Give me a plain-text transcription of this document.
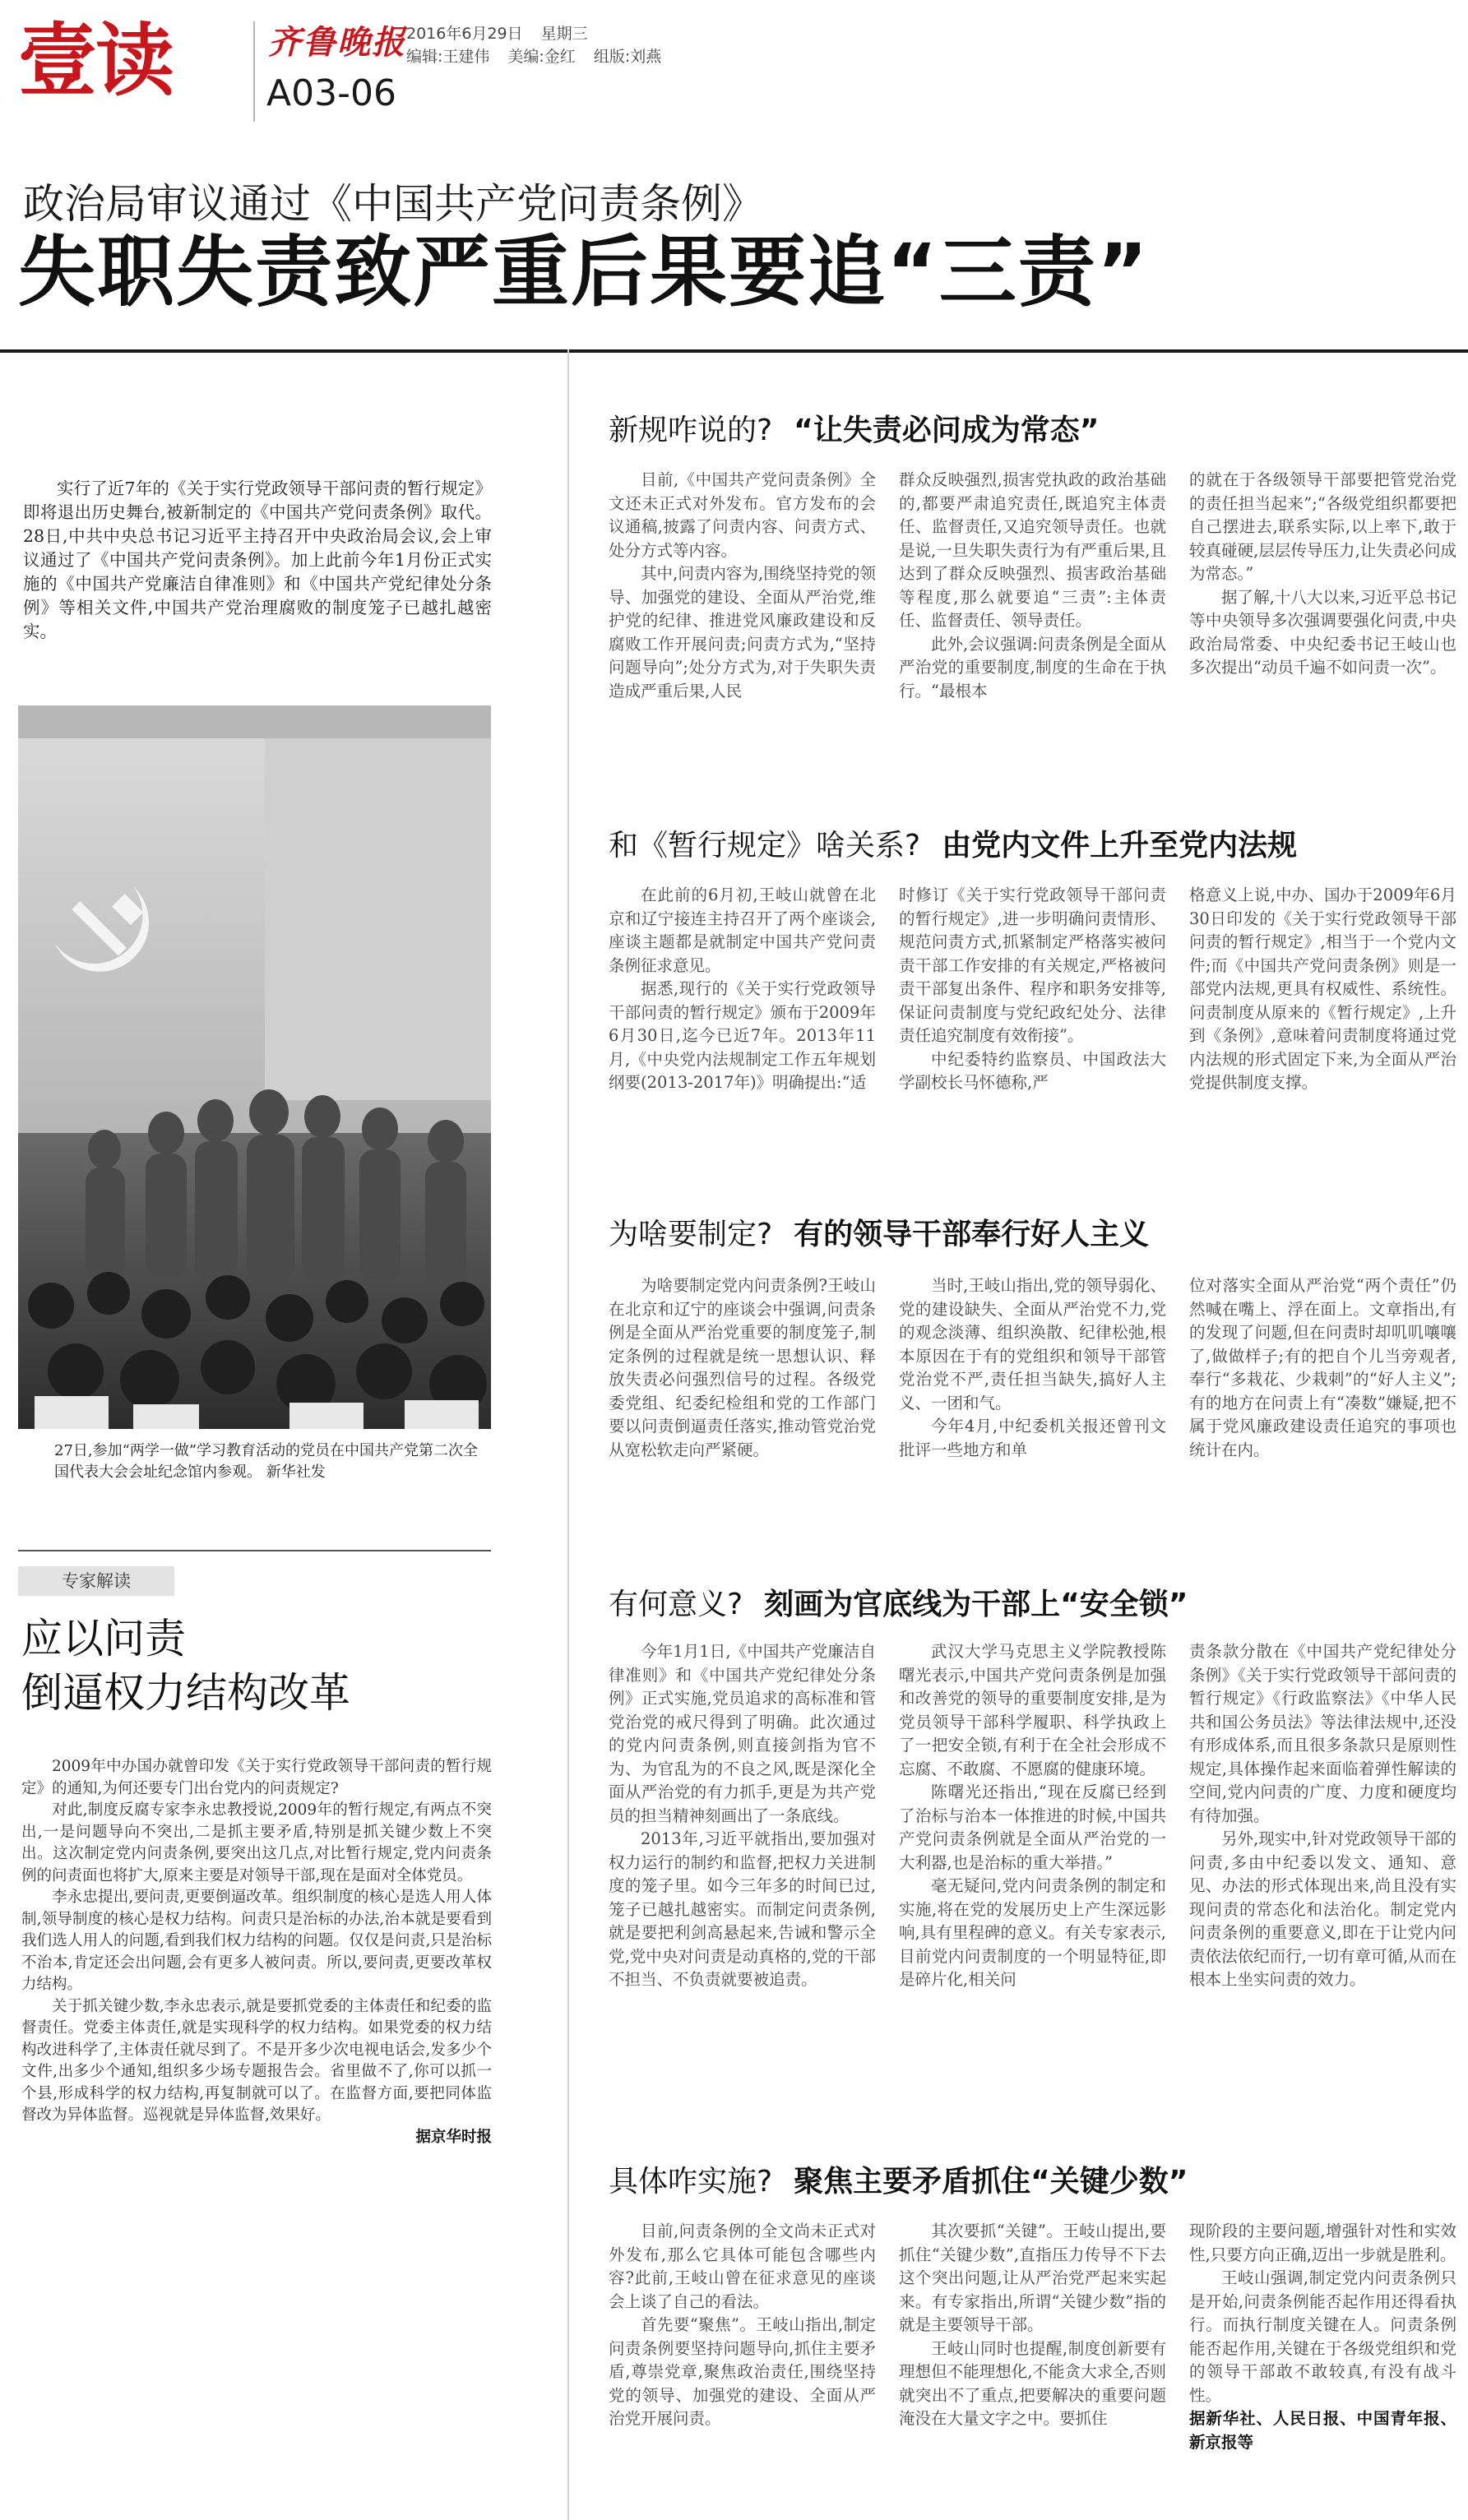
壹读	齐鲁晚报
A03-06
2016年6月29日 星期三
编辑:王建伟 美编:金红 组版:刘燕
政治局审议通过《中国共产党问责条例》
失职失责致严重后果要追“三责”
实行了近7年的《关于实行党政领导干部问责的暂行规定》即将退出历史舞台,被新制定的《中国共产党问责条例》取代。28日,中共中央总书记习近平主持召开中央政治局会议,会上审议通过了《中国共产党问责条例》。加上此前今年1月份正式实施的《中国共产党廉洁自律准则》和《中国共产党纪律处分条例》等相关文件,中国共产党治理腐败的制度笼子已越扎越密实。
27日,参加“两学一做”学习教育活动的党员在中国共产党第二次全国代表大会会址纪念馆内参观。 新华社发
专家解读
应以问责
倒逼权力结构改革

2009年中办国办就曾印发《关于实行党政领导干部问责的暂行规定》的通知,为何还要专门出台党内的问责规定?

对此,制度反腐专家李永忠教授说,2009年的暂行规定,有两点不突出,一是问题导向不突出,二是抓主要矛盾,特别是抓关键少数上不突出。这次制定党内问责条例,要突出这几点,对比暂行规定,党内问责条例的问责面也将扩大,原来主要是对领导干部,现在是面对全体党员。

李永忠提出,要问责,更要倒逼改革。组织制度的核心是选人用人体制,领导制度的核心是权力结构。问责只是治标的办法,治本就是要看到我们选人用人的问题,看到我们权力结构的问题。仅仅是问责,只是治标不治本,肯定还会出问题,会有更多人被问责。所以,要问责,更要改革权力结构。

关于抓关键少数,李永忠表示,就是要抓党委的主体责任和纪委的监督责任。党委主体责任,就是实现科学的权力结构。如果党委的权力结构改进科学了,主体责任就尽到了。不是开多少次电视电话会,发多少个文件,出多少个通知,组织多少场专题报告会。省里做不了,你可以抓一个县,形成科学的权力结构,再复制就可以了。在监督方面,要把同体监督改为异体监督。巡视就是异体监督,效果好。

据京华时报

新规咋说的? “让失责必问成为常态”

目前,《中国共产党问责条例》全文还未正式对外发布。官方发布的会议通稿,披露了问责内容、问责方式、处分方式等内容。

其中,问责内容为,围绕坚持党的领导、加强党的建设、全面从严治党,维护党的纪律、推进党风廉政建设和反腐败工作开展问责;问责方式为,“坚持问题导向”;处分方式为,对于失职失责造成严重后果,人民

群众反映强烈,损害党执政的政治基础的,都要严肃追究责任,既追究主体责任、监督责任,又追究领导责任。也就是说,一旦失职失责行为有严重后果,且达到了群众反映强烈、损害政治基础等程度,那么就要追“三责”:主体责任、监督责任、领导责任。

此外,会议强调:问责条例是全面从严治党的重要制度,制度的生命在于执行。“最根本

的就在于各级领导干部要把管党治党的责任担当起来”;“各级党组织都要把自己摆进去,联系实际,以上率下,敢于较真碰硬,层层传导压力,让失责必问成为常态。”

据了解,十八大以来,习近平总书记等中央领导多次强调要强化问责,中央政治局常委、中央纪委书记王岐山也多次提出“动员千遍不如问责一次”。

和《暂行规定》啥关系? 由党内文件上升至党内法规

在此前的6月初,王岐山就曾在北京和辽宁接连主持召开了两个座谈会,座谈主题都是就制定中国共产党问责条例征求意见。

据悉,现行的《关于实行党政领导干部问责的暂行规定》颁布于2009年6月30日,迄今已近7年。2013年11月,《中央党内法规制定工作五年规划纲要(2013-2017年)》明确提出:“适

时修订《关于实行党政领导干部问责的暂行规定》,进一步明确问责情形、规范问责方式,抓紧制定严格落实被问责干部工作安排的有关规定,严格被问责干部复出条件、程序和职务安排等,保证问责制度与党纪政纪处分、法律责任追究制度有效衔接”。

中纪委特约监察员、中国政法大学副校长马怀德称,严

格意义上说,中办、国办于2009年6月30日印发的《关于实行党政领导干部问责的暂行规定》,相当于一个党内文件;而《中国共产党问责条例》则是一部党内法规,更具有权威性、系统性。问责制度从原来的《暂行规定》,上升到《条例》,意味着问责制度将通过党内法规的形式固定下来,为全面从严治党提供制度支撑。

为啥要制定? 有的领导干部奉行好人主义

为啥要制定党内问责条例?王岐山在北京和辽宁的座谈会中强调,问责条例是全面从严治党重要的制度笼子,制定条例的过程就是统一思想认识、释放失责必问强烈信号的过程。各级党委党组、纪委纪检组和党的工作部门要以问责倒逼责任落实,推动管党治党从宽松软走向严紧硬。

当时,王岐山指出,党的领导弱化、党的建设缺失、全面从严治党不力,党的观念淡薄、组织涣散、纪律松弛,根本原因在于有的党组织和领导干部管党治党不严,责任担当缺失,搞好人主义、一团和气。

今年4月,中纪委机关报还曾刊文批评一些地方和单

位对落实全面从严治党“两个责任”仍然喊在嘴上、浮在面上。文章指出,有的发现了问题,但在问责时却叽叽嚷嚷了,做做样子;有的把自个儿当旁观者,奉行“多栽花、少栽刺”的“好人主义”;有的地方在问责上有“凑数”嫌疑,把不属于党风廉政建设责任追究的事项也统计在内。

有何意义? 刻画为官底线为干部上“安全锁”

今年1月1日,《中国共产党廉洁自律准则》和《中国共产党纪律处分条例》正式实施,党员追求的高标准和管党治党的戒尺得到了明确。此次通过的党内问责条例,则直接剑指为官不为、为官乱为的不良之风,既是深化全面从严治党的有力抓手,更是为共产党员的担当精神刻画出了一条底线。

2013年,习近平就指出,要加强对权力运行的制约和监督,把权力关进制度的笼子里。如今三年多的时间已过,笼子已越扎越密实。而制定问责条例,就是要把利剑高悬起来,告诫和警示全党,党中央对问责是动真格的,党的干部不担当、不负责就要被追责。

武汉大学马克思主义学院教授陈曙光表示,中国共产党问责条例是加强和改善党的领导的重要制度安排,是为党员领导干部科学履职、科学执政上了一把安全锁,有利于在全社会形成不忘腐、不敢腐、不愿腐的健康环境。

陈曙光还指出,“现在反腐已经到了治标与治本一体推进的时候,中国共产党问责条例就是全面从严治党的一大利器,也是治标的重大举措。”

毫无疑问,党内问责条例的制定和实施,将在党的发展历史上产生深远影响,具有里程碑的意义。有关专家表示,目前党内问责制度的一个明显特征,即是碎片化,相关问

责条款分散在《中国共产党纪律处分条例》《关于实行党政领导干部问责的暂行规定》《行政监察法》《中华人民共和国公务员法》等法律法规中,还没有形成体系,而且很多条款只是原则性规定,具体操作起来面临着弹性解读的空间,党内问责的广度、力度和硬度均有待加强。

另外,现实中,针对党政领导干部的问责,多由中纪委以发文、通知、意见、办法的形式体现出来,尚且没有实现问责的常态化和法治化。制定党内问责条例的重要意义,即在于让党内问责依法依纪而行,一切有章可循,从而在根本上坐实问责的效力。

具体咋实施? 聚焦主要矛盾抓住“关键少数”

目前,问责条例的全文尚未正式对外发布,那么它具体可能包含哪些内容?此前,王岐山曾在征求意见的座谈会上谈了自己的看法。

首先要“聚焦”。王岐山指出,制定问责条例要坚持问题导向,抓住主要矛盾,尊崇党章,聚焦政治责任,围绕坚持党的领导、加强党的建设、全面从严治党开展问责。

其次要抓“关键”。王岐山提出,要抓住“关键少数”,直指压力传导不下去这个突出问题,让从严治党严起来实起来。有专家指出,所谓“关键少数”指的就是主要领导干部。

王岐山同时也提醒,制度创新要有理想但不能理想化,不能贪大求全,否则就突出不了重点,把要解决的重要问题淹没在大量文字之中。要抓住

现阶段的主要问题,增强针对性和实效性,只要方向正确,迈出一步就是胜利。

王岐山强调,制定党内问责条例只是开始,问责条例能否起作用还得看执行。而执行制度关键在人。问责条例能否起作用,关键在于各级党组织和党的领导干部敢不敢较真,有没有战斗性。

据新华社、人民日报、中国青年报、新京报等
